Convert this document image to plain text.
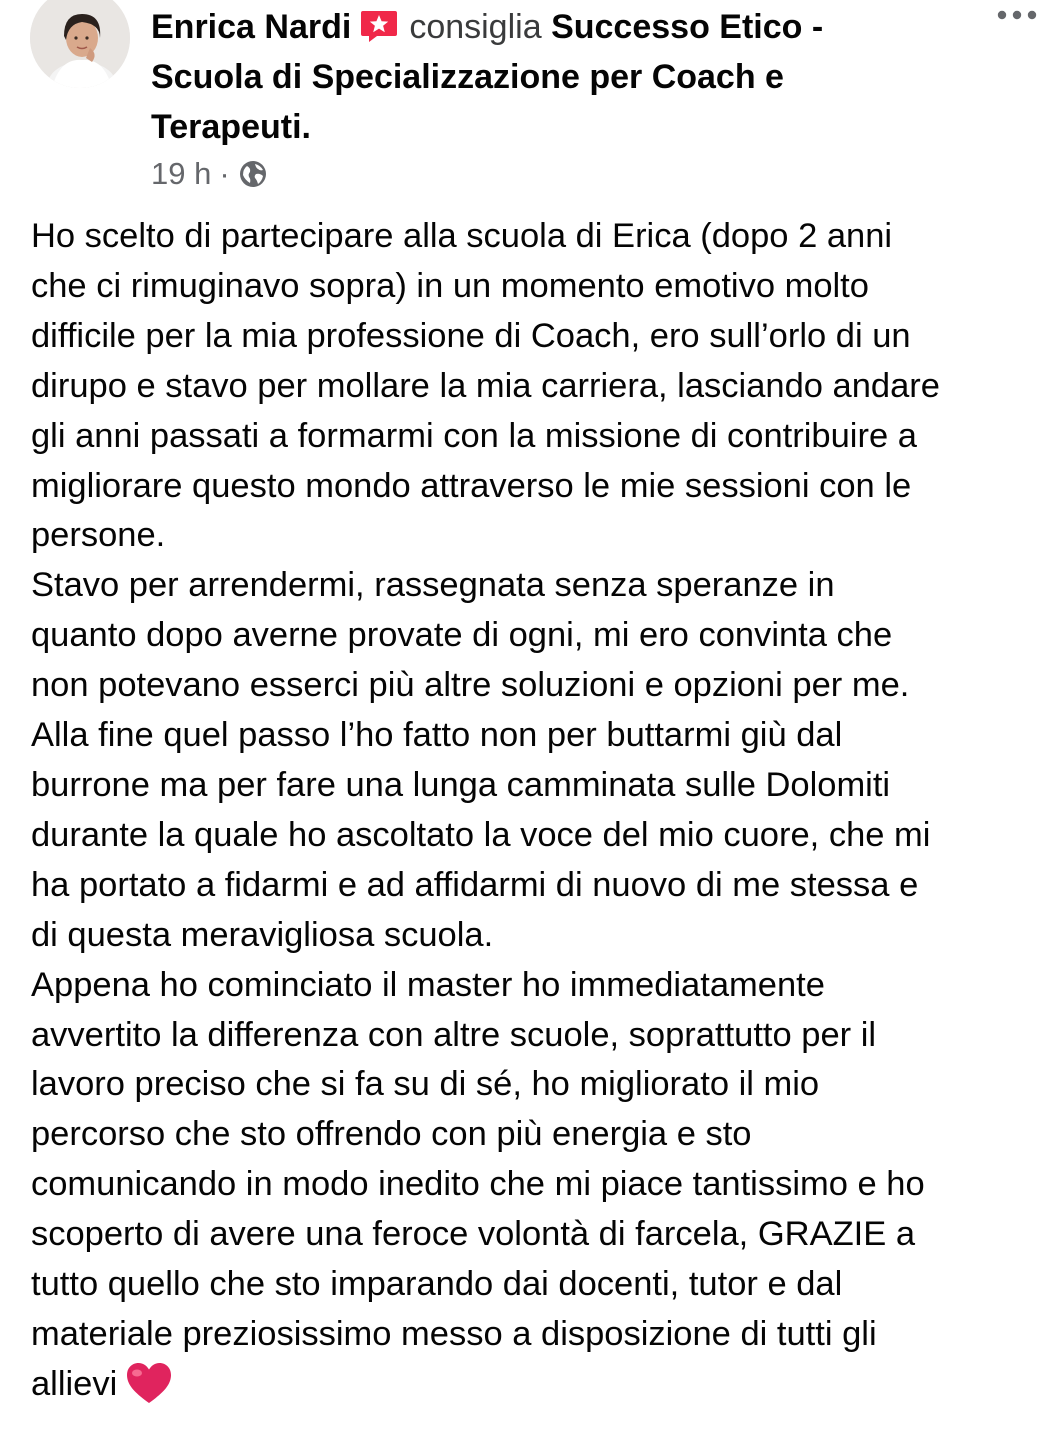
Enrica Nardi consiglia Successo Etico - Scuola di Specializzazione per Coach e Terapeuti.
19 h ·

Ho scelto di partecipare alla scuola di Erica (dopo 2 anni
che ci rimuginavo sopra) in un momento emotivo molto
difficile per la mia professione di Coach, ero sull’orlo di un
dirupo e stavo per mollare la mia carriera, lasciando andare
gli anni passati a formarmi con la missione di contribuire a
migliorare questo mondo attraverso le mie sessioni con le
persone.

Stavo per arrendermi, rassegnata senza speranze in
quanto dopo averne provate di ogni, mi ero convinta che
non potevano esserci più altre soluzioni e opzioni per me.

Alla fine quel passo l’ho fatto non per buttarmi giù dal
burrone ma per fare una lunga camminata sulle Dolomiti
durante la quale ho ascoltato la voce del mio cuore, che mi
ha portato a fidarmi e ad affidarmi di nuovo di me stessa e
di questa meravigliosa scuola.

Appena ho cominciato il master ho immediatamente
avvertito la differenza con altre scuole, soprattutto per il
lavoro preciso che si fa su di sé, ho migliorato il mio
percorso che sto offrendo con più energia e sto
comunicando in modo inedito che mi piace tantissimo e ho
scoperto di avere una feroce volontà di farcela, GRAZIE a
tutto quello che sto imparando dai docenti, tutor e dal
materiale preziosissimo messo a disposizione di tutti gli
allievi
